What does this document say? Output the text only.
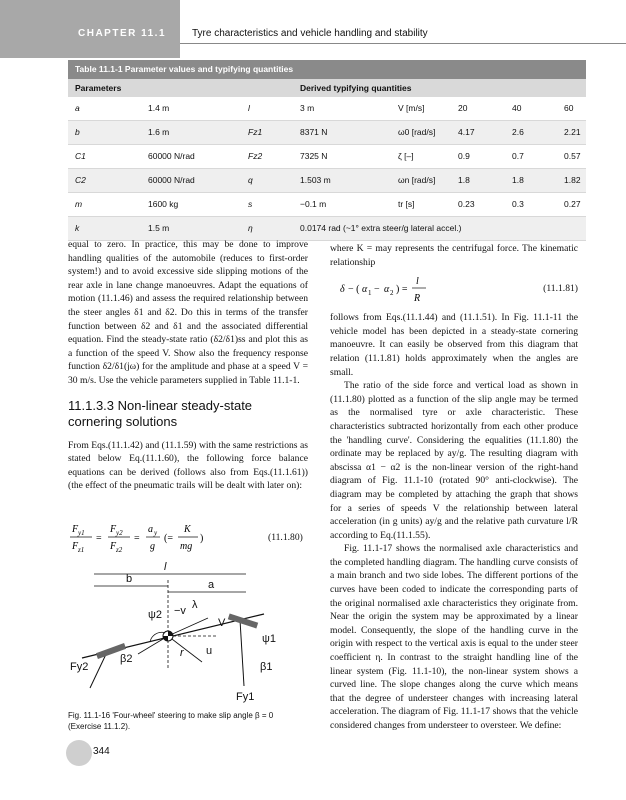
CHAPTER 11.1	Tyre characteristics and vehicle handling and stability
Table 11.1-1 Parameter values and typifying quantities
Parameters	Derived typifying quantities
a	1.4 m	l	3 m	V [m/s]	20	40	60
b	1.6 m	Fz1	8371 N	ω0 [rad/s]	4.17	2.6	2.21
C1	60000 N/rad	Fz2	7325 N	ζ [–]	0.9	0.7	0.57
C2	60000 N/rad	q	1.503 m	ωn [rad/s]	1.8	1.8	1.82
m	1600 kg	s	−0.1 m	tr [s]	0.23	0.3	0.27
k	1.5 m	η	0.0174 rad (~1° extra steer/g lateral accel.)

equal to zero. In practice, this may be done to improve handling qualities of the automobile (reduces to first-order system!) and to avoid excessive side slipping motions of the rear axle in lane change manoeuvres. Adapt the equations of motion (11.1.46) and assess the required relationship between the steer angles δ1 and δ2. Do this in terms of the transfer function between δ2 and δ1 and the associated differential equation. Find the steady-state ratio (δ2/δ1)ss and plot this as a function of the speed V. Show also the frequency response function δ2/δ1(jω) for the amplitude and phase at a speed V = 30 m/s. Use the vehicle parameters supplied in Table 11.1-1.

11.1.3.3 Non-linear steady-state cornering solutions

From Eqs.(11.1.42) and (11.1.59) with the same restrictions as stated below Eq.(11.1.60), the following force balance equations can be derived (follows also from Eqs.(11.1.61)) (the effect of the pneumatic trails will be dealt with later on):

F y1
F z1
=
F y2
F z2
=
a y
g
(=
K
mg
)	(11.1.80)
l
b	a
λ
ψ2 −v
V
ψ1
r u
β2
β1
Fy2
Fy1
Fig. 11.1-16 'Four-wheel' steering to make slip angle β = 0 (Exercise 11.1.2).

where K = may represents the centrifugal force. The kinematic relationship

δ − ( α 1 − α 2 ) =
l
R
(11.1.81)

follows from Eqs.(11.1.44) and (11.1.51). In Fig. 11.1-11 the vehicle model has been depicted in a steady-state cornering manoeuvre. It can easily be observed from this diagram that relation (11.1.81) holds approximately when the angles are small.

The ratio of the side force and vertical load as shown in (11.1.80) plotted as a function of the slip angle may be termed as the normalised tyre or axle characteristic. These characteristics subtracted horizontally from each other produce the 'handling curve'. Considering the equalities (11.1.80) the ordinate may be replaced by ay/g. The resulting diagram with abscissa α1 − α2 is the non-linear version of the right-hand diagram of Fig. 11.1-10 (rotated 90° anti-clockwise). The diagram may be completed by attaching the graph that shows for a series of speeds V the relationship between lateral acceleration (in g units) ay/g and the relative path curvature l/R according to Eq.(11.1.55).

Fig. 11.1-17 shows the normalised axle characteristics and the completed handling diagram. The handling curve consists of a main branch and two side lobes. The different portions of the curves have been coded to indicate the corresponding parts of the original normalised axle characteristics they originate from. Near the origin the system may be approximated by a linear model. Consequently, the slope of the handling curve in the origin with respect to the vertical axis is equal to the under steer coefficient η. In contrast to the straight handling line of the linear system (Fig. 11.1-10), the non-linear system shows a curved line. The slope changes along the curve which means that the degree of understeer changes with increasing lateral acceleration. The diagram of Fig. 11.1-17 shows that the vehicle considered changes from understeer to oversteer. We define:

344
